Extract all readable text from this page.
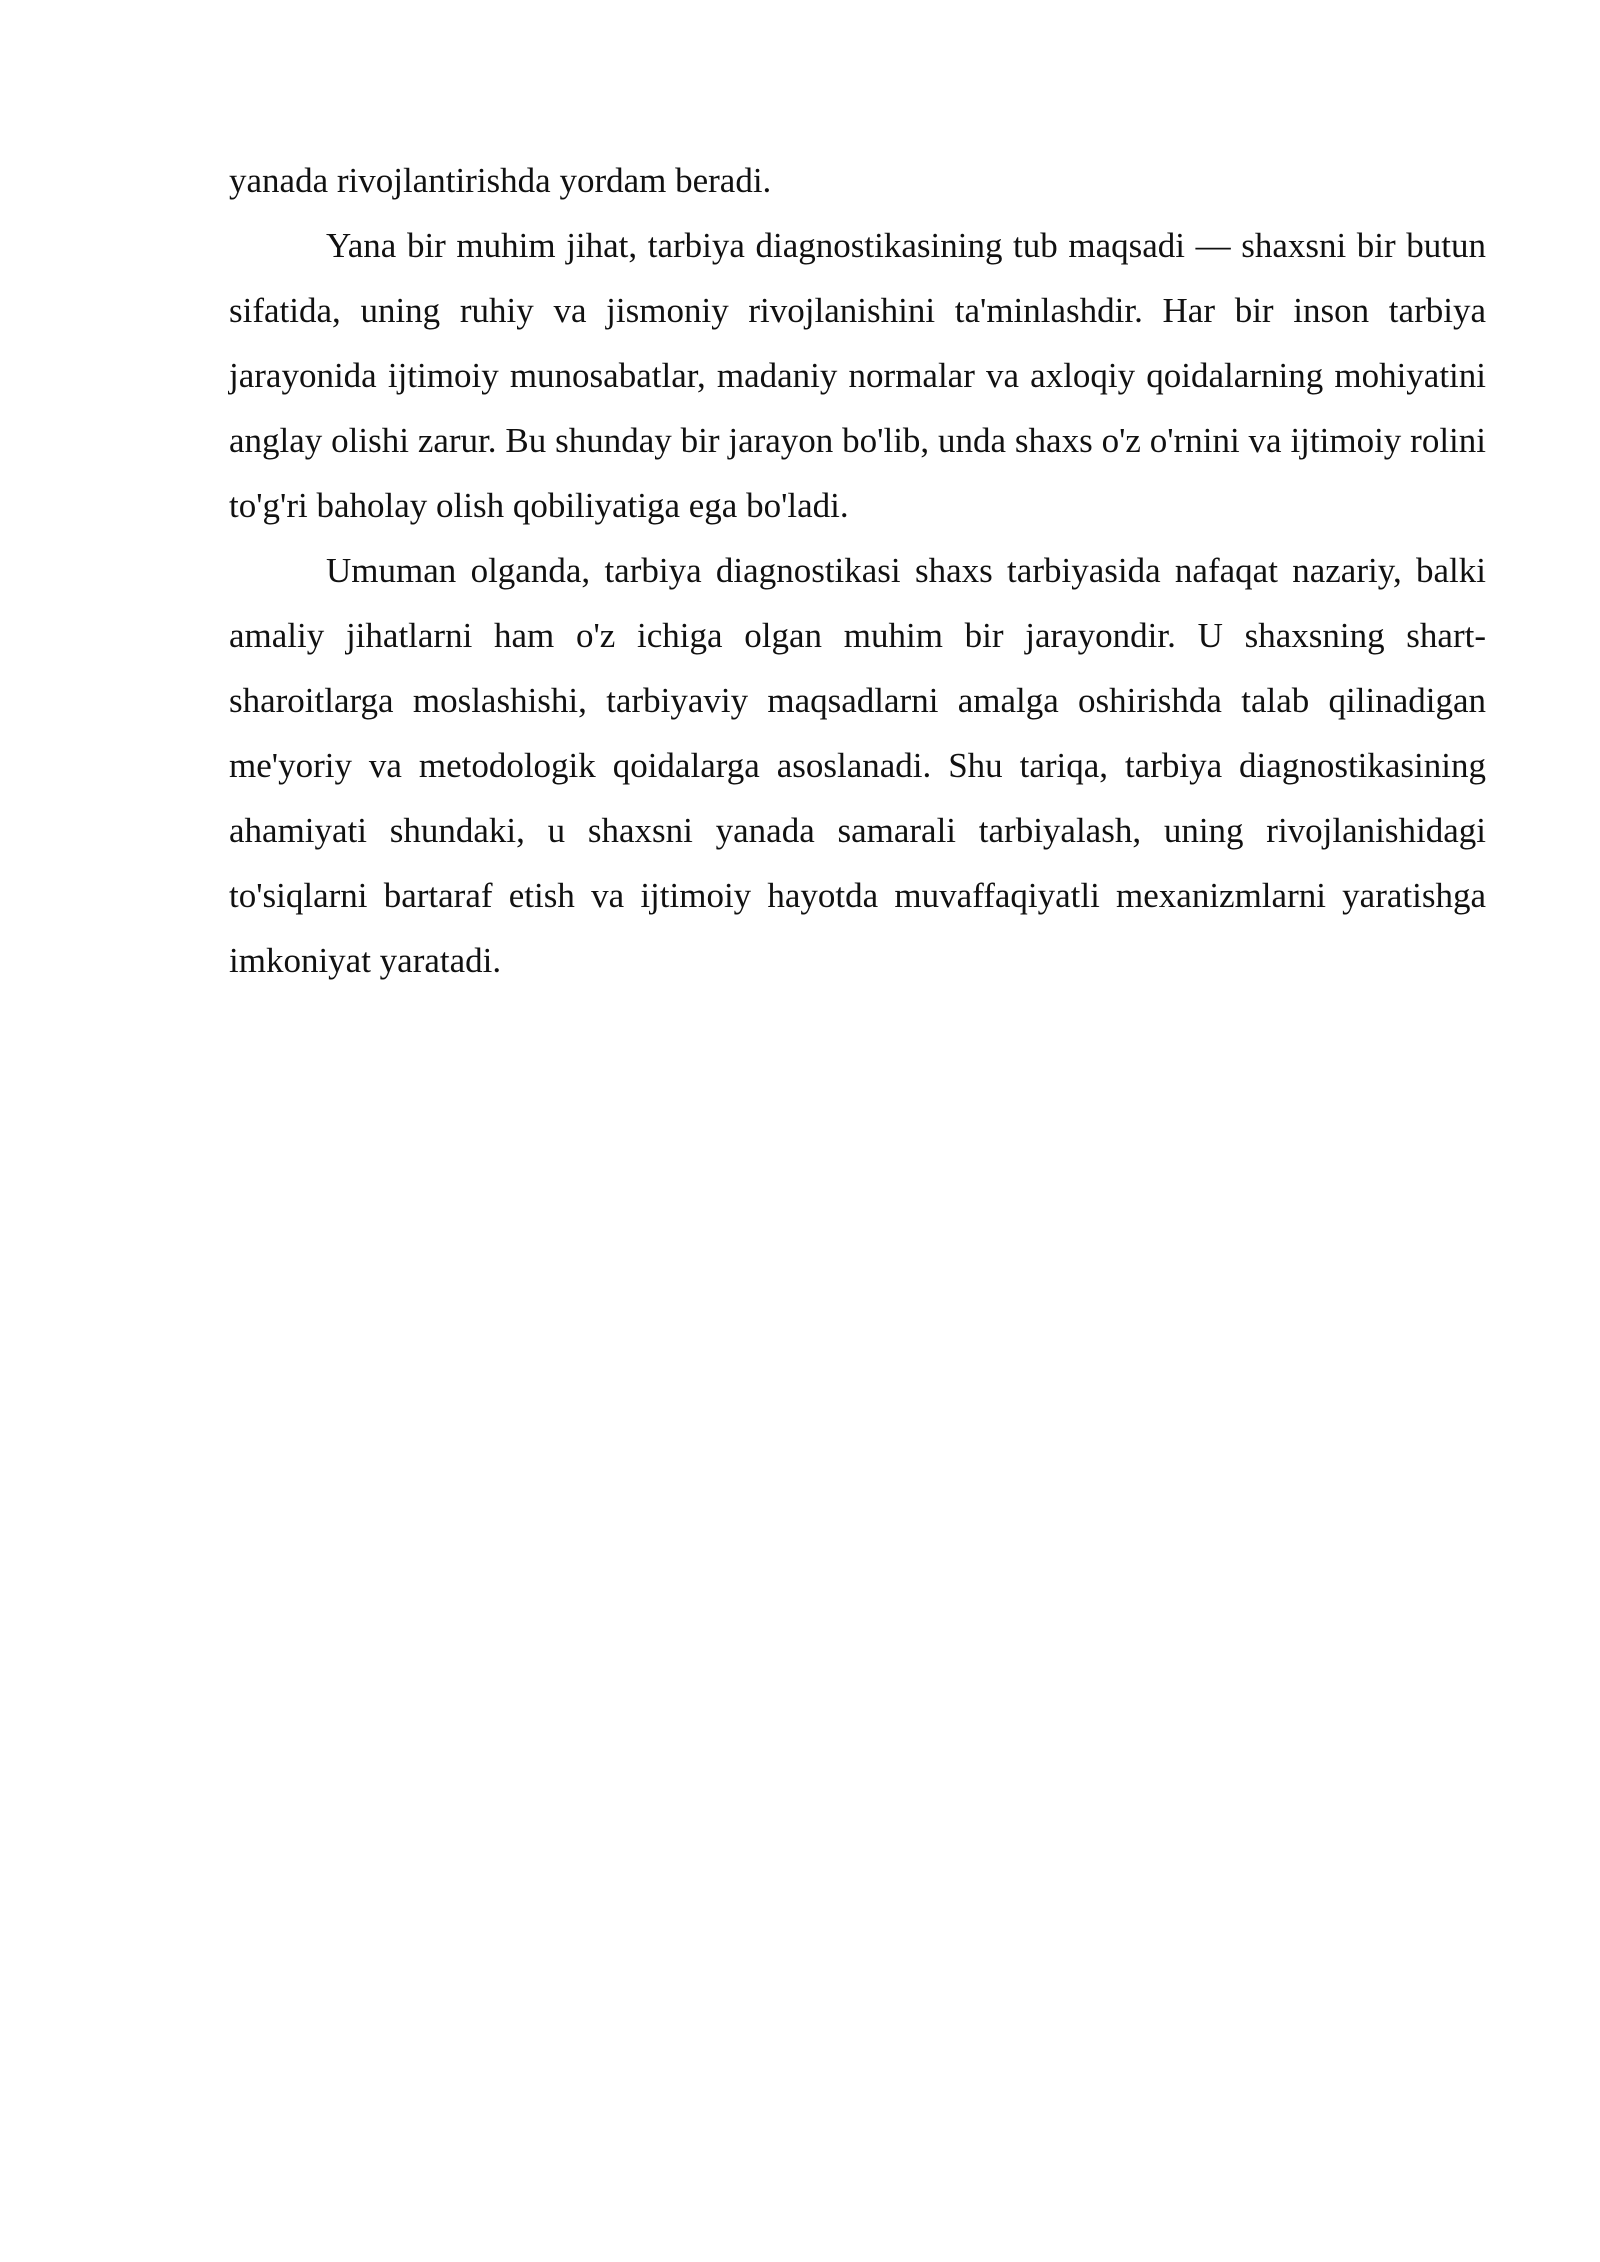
yanada rivojlantirishda yordam beradi.

Yana bir muhim jihat, tarbiya diagnostikasining tub maqsadi — shaxsni bir butun sifatida, uning ruhiy va jismoniy rivojlanishini ta'minlashdir. Har bir inson tarbiya jarayonida ijtimoiy munosabatlar, madaniy normalar va axloqiy qoidalarning mohiyatini anglay olishi zarur. Bu shunday bir jarayon bo'lib, unda shaxs o'z o'rnini va ijtimoiy rolini to'g'ri baholay olish qobiliyatiga ega bo'ladi.

Umuman olganda, tarbiya diagnostikasi shaxs tarbiyasida nafaqat nazariy, balki amaliy jihatlarni ham o'z ichiga olgan muhim bir jarayondir. U shaxsning shart-sharoitlarga moslashishi, tarbiyaviy maqsadlarni amalga oshirishda talab qilinadigan me'yoriy va metodologik qoidalarga asoslanadi. Shu tariqa, tarbiya diagnostikasining ahamiyati shundaki, u shaxsni yanada samarali tarbiyalash, uning rivojlanishidagi to'siqlarni bartaraf etish va ijtimoiy hayotda muvaffaqiyatli mexanizmlarni yaratishga imkoniyat yaratadi.
